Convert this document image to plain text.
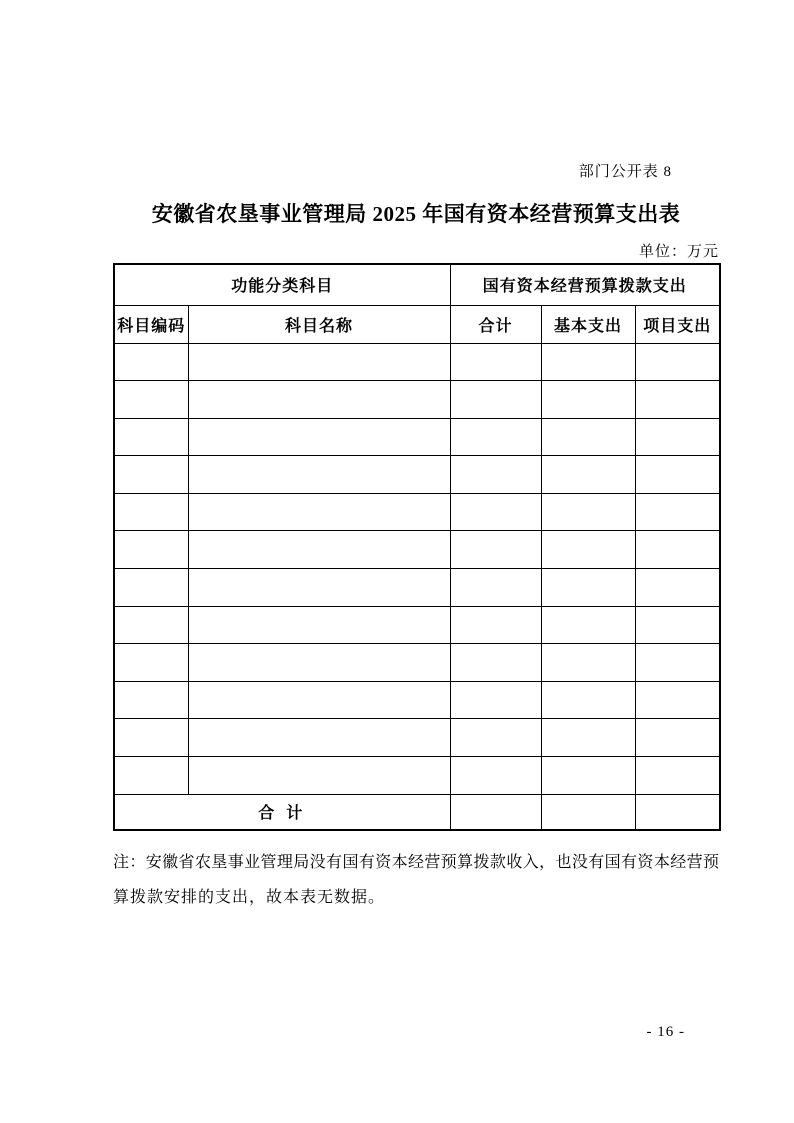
部门公开表 8
安徽省农垦事业管理局 2025 年国有资本经营预算支出表
单位：万元
功能分类科目		国有资本经营预算拨款支出		
科目编码	科目名称	合计	基本支出	项目支出

合 计				
注：安徽省农垦事业管理局没有国有资本经营预算拨款收入，也没有国有资本经营预
算拨款安排的支出，故本表无数据。
- 16 -
